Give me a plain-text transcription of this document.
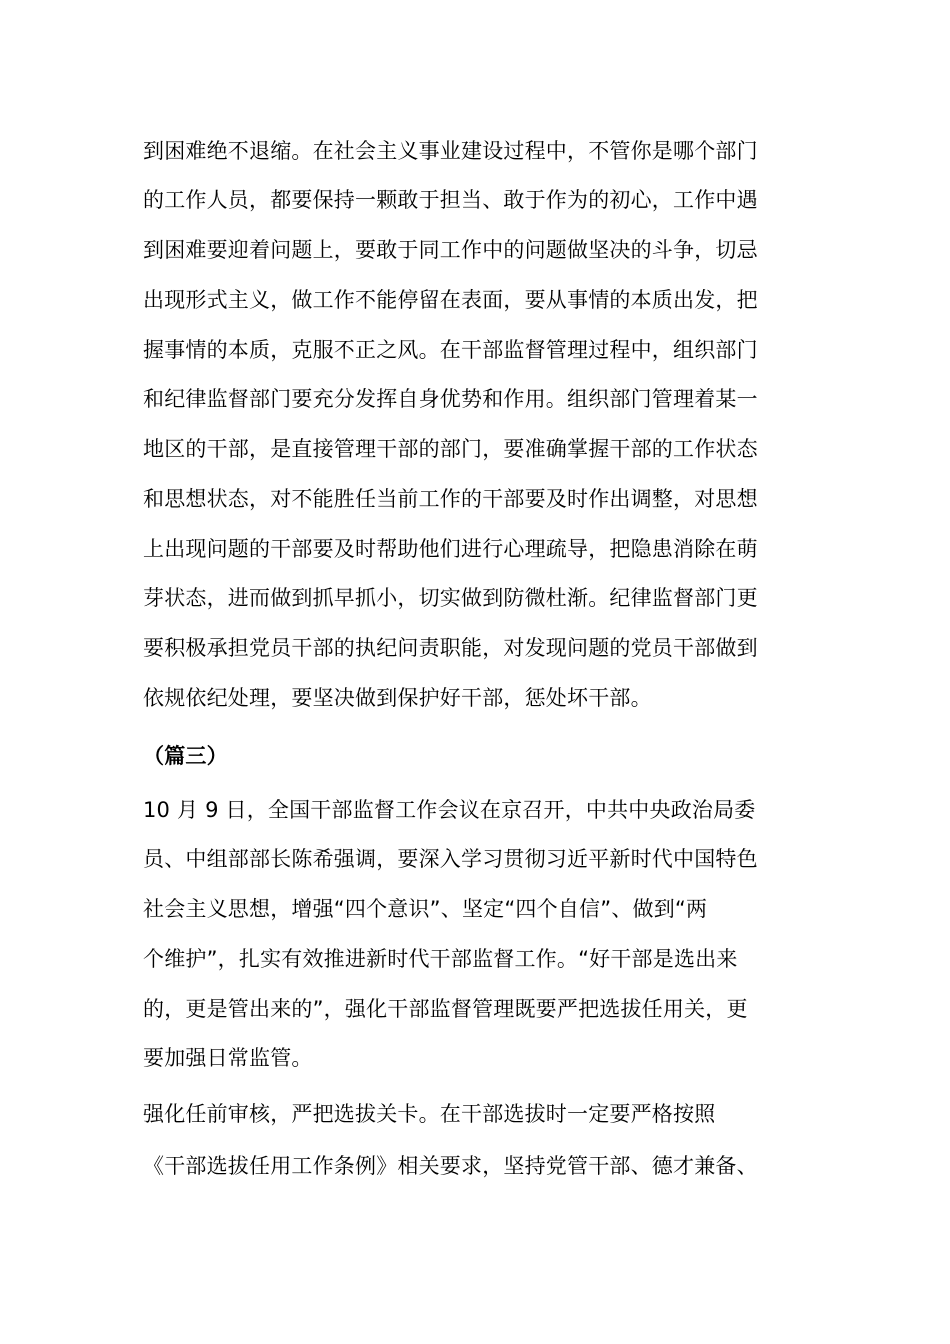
到困难绝不退缩。在社会主义事业建设过程中，不管你是哪个部门
的工作人员，都要保持一颗敢于担当、敢于作为的初心，工作中遇
到困难要迎着问题上，要敢于同工作中的问题做坚决的斗争，切忌
出现形式主义，做工作不能停留在表面，要从事情的本质出发，把
握事情的本质，克服不正之风。在干部监督管理过程中，组织部门
和纪律监督部门要充分发挥自身优势和作用。组织部门管理着某一
地区的干部，是直接管理干部的部门，要准确掌握干部的工作状态
和思想状态，对不能胜任当前工作的干部要及时作出调整，对思想
上出现问题的干部要及时帮助他们进行心理疏导，把隐患消除在萌
芽状态，进而做到抓早抓小，切实做到防微杜渐。纪律监督部门更
要积极承担党员干部的执纪问责职能，对发现问题的党员干部做到
依规依纪处理，要坚决做到保护好干部，惩处坏干部。
（篇三）
10 月 9 日，全国干部监督工作会议在京召开，中共中央政治局委
员、中组部部长陈希强调，要深入学习贯彻习近平新时代中国特色
社会主义思想，增强“四个意识”、坚定“四个自信”、做到“两
个维护”，扎实有效推进新时代干部监督工作。“好干部是选出来
的，更是管出来的”，强化干部监督管理既要严把选拔任用关，更
要加强日常监管。
强化任前审核，严把选拔关卡。在干部选拔时一定要严格按照
《干部选拔任用工作条例》相关要求，坚持党管干部、德才兼备、
